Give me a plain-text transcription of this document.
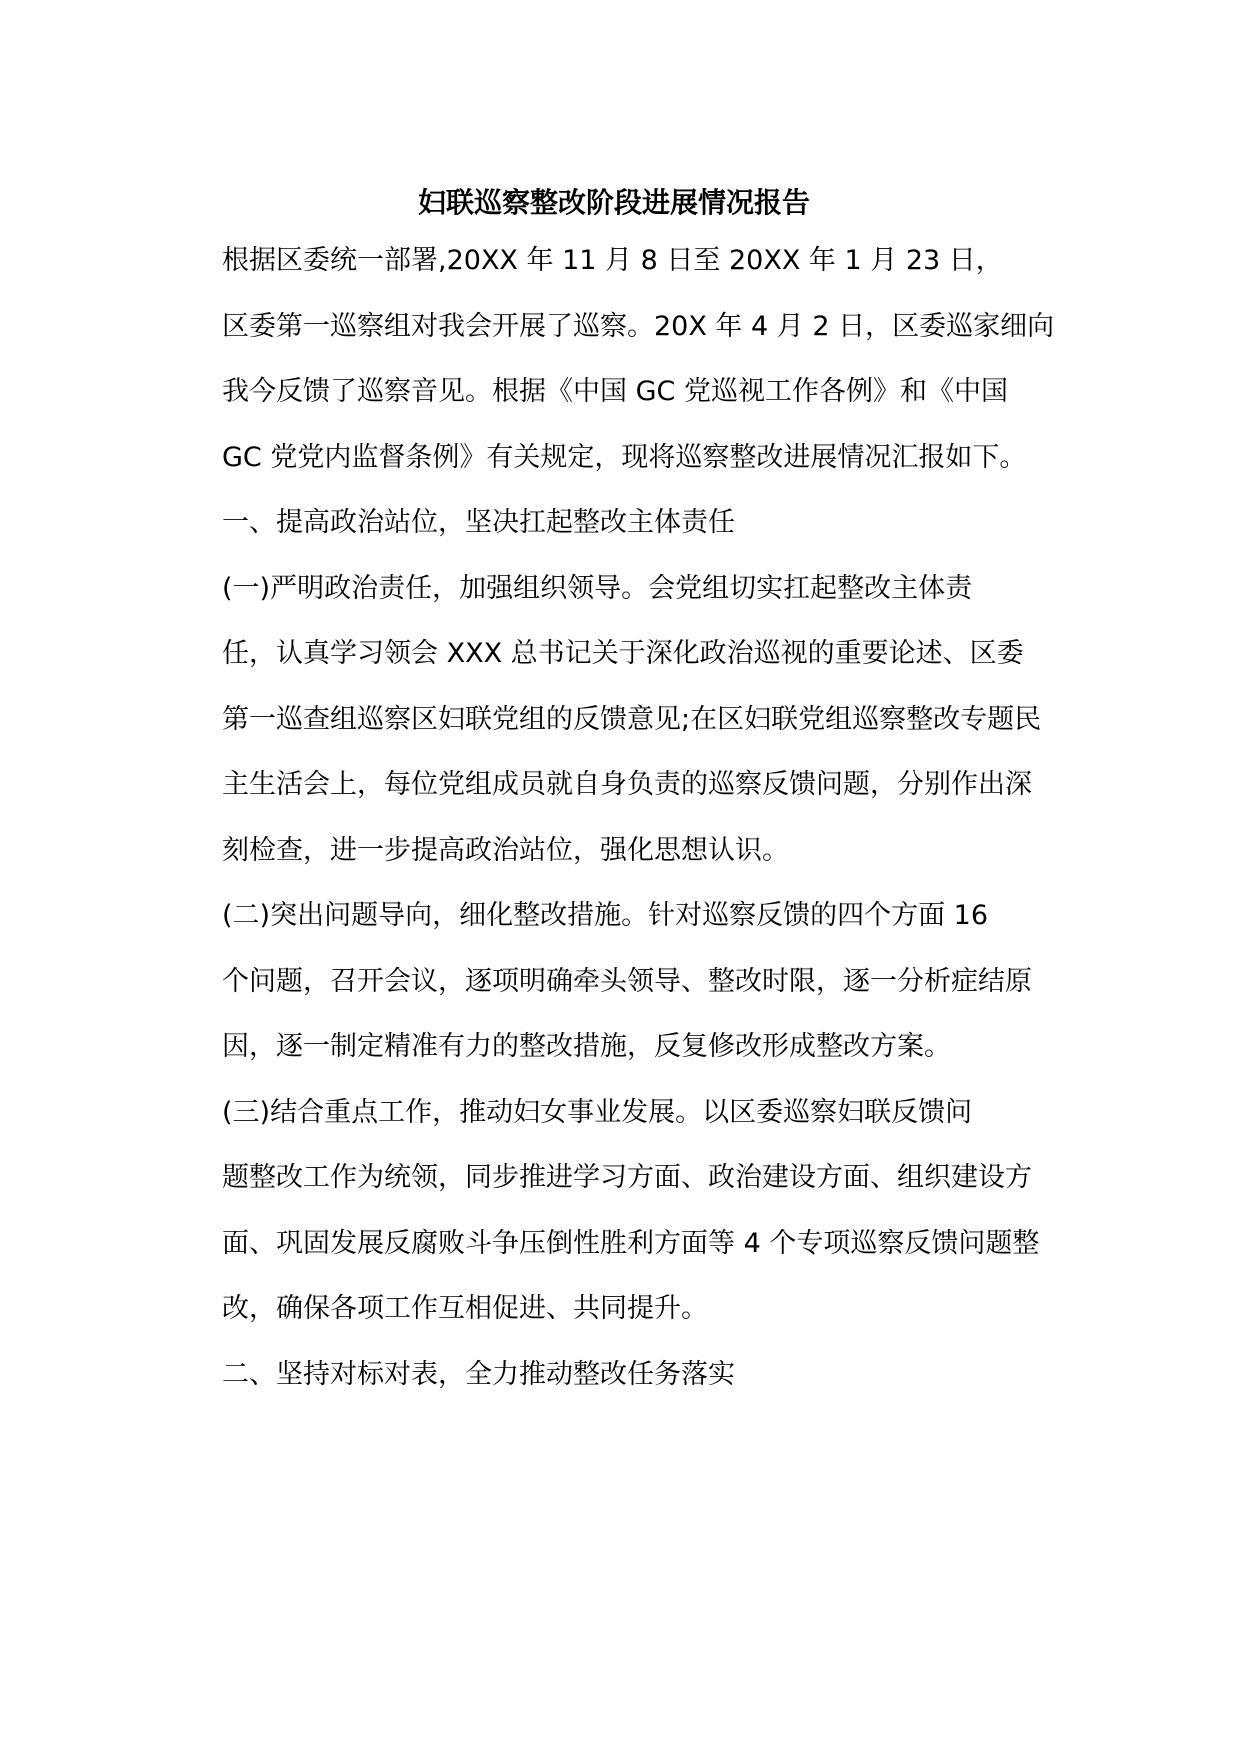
妇联巡察整改阶段进展情况报告

根据区委统一部署,20XX 年 11 月 8 日至 20XX 年 1 月 23 日，
区委第一巡察组对我会开展了巡察。20X 年 4 月 2 日，区委巡家细向
我今反馈了巡察音见。根据《中国 GC 党巡视工作各例》和《中国
GC 党党内监督条例》有关规定，现将巡察整改进展情况汇报如下。

一、提高政治站位，坚决扛起整改主体责任

(一)严明政治责任，加强组织领导。会党组切实扛起整改主体责
任，认真学习领会 XXX 总书记关于深化政治巡视的重要论述、区委
第一巡查组巡察区妇联党组的反馈意见;在区妇联党组巡察整改专题民
主生活会上，每位党组成员就自身负责的巡察反馈问题，分别作出深
刻检查，进一步提高政治站位，强化思想认识。

(二)突出问题导向，细化整改措施。针对巡察反馈的四个方面 16
个问题，召开会议，逐项明确牵头领导、整改时限，逐一分析症结原
因，逐一制定精准有力的整改措施，反复修改形成整改方案。

(三)结合重点工作，推动妇女事业发展。以区委巡察妇联反馈问
题整改工作为统领，同步推进学习方面、政治建设方面、组织建设方
面、巩固发展反腐败斗争压倒性胜利方面等 4 个专项巡察反馈问题整
改，确保各项工作互相促进、共同提升。

二、坚持对标对表，全力推动整改任务落实
